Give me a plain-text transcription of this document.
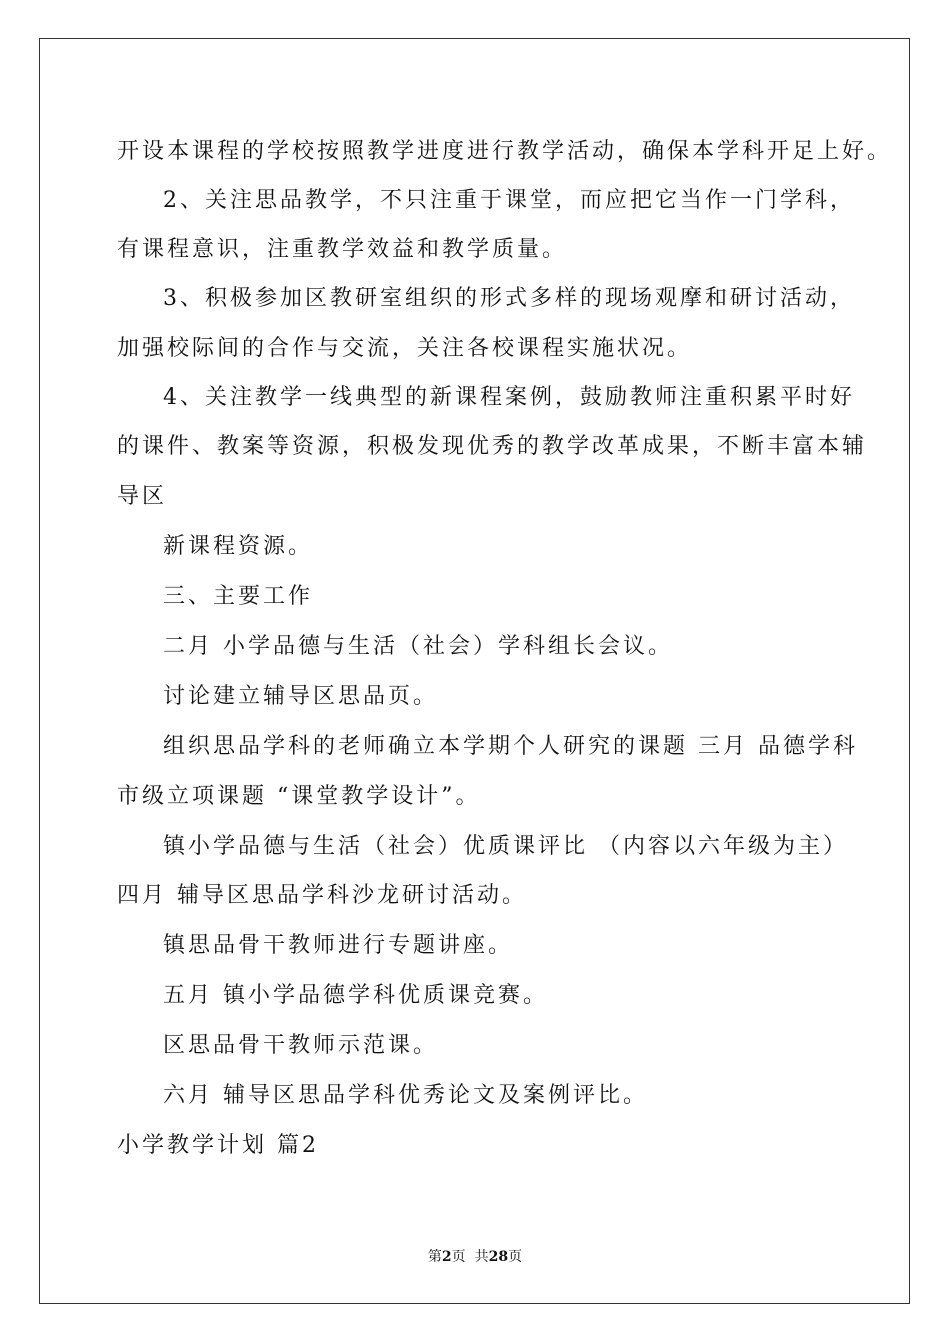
开设本课程的学校按照教学进度进行教学活动，确保本学科开足上好。
2、关注思品教学，不只注重于课堂，而应把它当作一门学科，
有课程意识，注重教学效益和教学质量。
3、积极参加区教研室组织的形式多样的现场观摩和研讨活动，
加强校际间的合作与交流，关注各校课程实施状况。
4、关注教学一线典型的新课程案例，鼓励教师注重积累平时好
的课件、教案等资源，积极发现优秀的教学改革成果，不断丰富本辅
导区
新课程资源。
三、主要工作
二月 小学品德与生活（社会）学科组长会议。
讨论建立辅导区思品页。
组织思品学科的老师确立本学期个人研究的课题 三月 品德学科
市级立项课题 “课堂教学设计”。
镇小学品德与生活（社会）优质课评比 （内容以六年级为主）
四月 辅导区思品学科沙龙研讨活动。
镇思品骨干教师进行专题讲座。
五月 镇小学品德学科优质课竞赛。
区思品骨干教师示范课。
六月 辅导区思品学科优秀论文及案例评比。
小学教学计划 篇2
第2页  共28页
